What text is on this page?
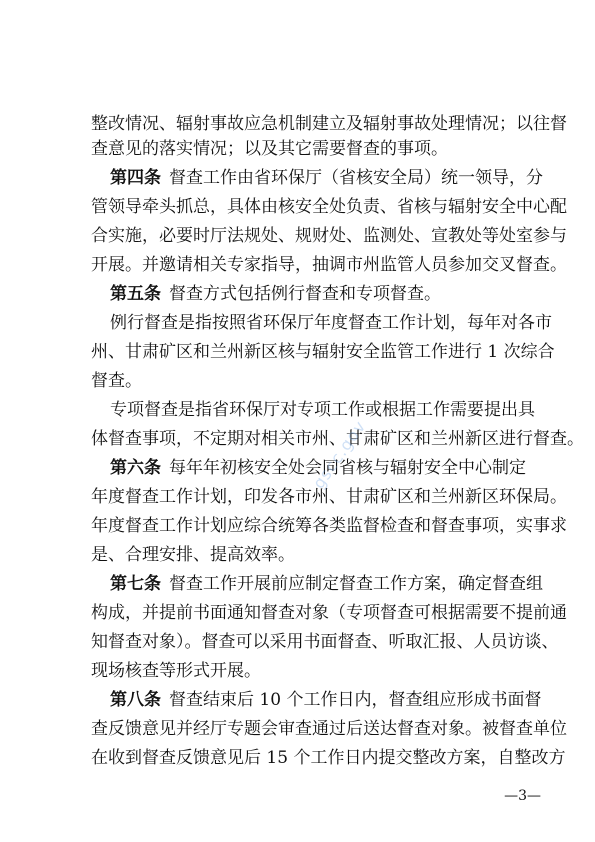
整改情况、辐射事故应急机制建立及辐射事故处理情况；以往督
查意见的落实情况；以及其它需要督查的事项。
第四条 督查工作由省环保厅（省核安全局）统一领导，分
管领导牵头抓总，具体由核安全处负责、省核与辐射安全中心配
合实施，必要时厅法规处、规财处、监测处、宣教处等处室参与
开展。并邀请相关专家指导，抽调市州监管人员参加交叉督查。
第五条 督查方式包括例行督查和专项督查。
例行督查是指按照省环保厅年度督查工作计划，每年对各市
州、甘肃矿区和兰州新区核与辐射安全监管工作进行 1 次综合
督查。
专项督查是指省环保厅对专项工作或根据工作需要提出具
体督查事项，不定期对相关市州、甘肃矿区和兰州新区进行督查。
第六条 每年年初核安全处会同省核与辐射安全中心制定
年度督查工作计划，印发各市州、甘肃矿区和兰州新区环保局。
年度督查工作计划应综合统筹各类监督检查和督查事项，实事求
是、合理安排、提高效率。
第七条 督查工作开展前应制定督查工作方案，确定督查组
构成，并提前书面通知督查对象（专项督查可根据需要不提前通
知督查对象）。督查可以采用书面督查、听取汇报、人员访谈、
现场核查等形式开展。
第八条 督查结束后 10 个工作日内，督查组应形成书面督
查反馈意见并经厅专题会审查通过后送达督查对象。被督查单位
在收到督查反馈意见后 15 个工作日内提交整改方案，自整改方
gscc.gov
—3—
